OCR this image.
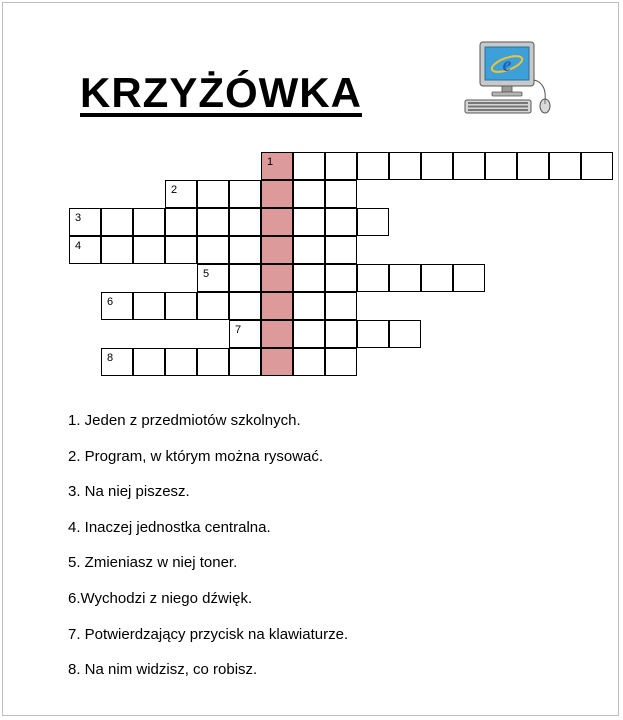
KRZYŻÓWKA
e
1
2
3
4
5
6
7
8
1. Jeden z przedmiotów szkolnych.
2. Program, w którym można rysować.
3. Na niej piszesz.
4. Inaczej jednostka centralna.
5. Zmieniasz w niej toner.
6.Wychodzi z niego dźwięk.
7. Potwierdzający przycisk na klawiaturze.
8. Na nim widzisz, co robisz.
